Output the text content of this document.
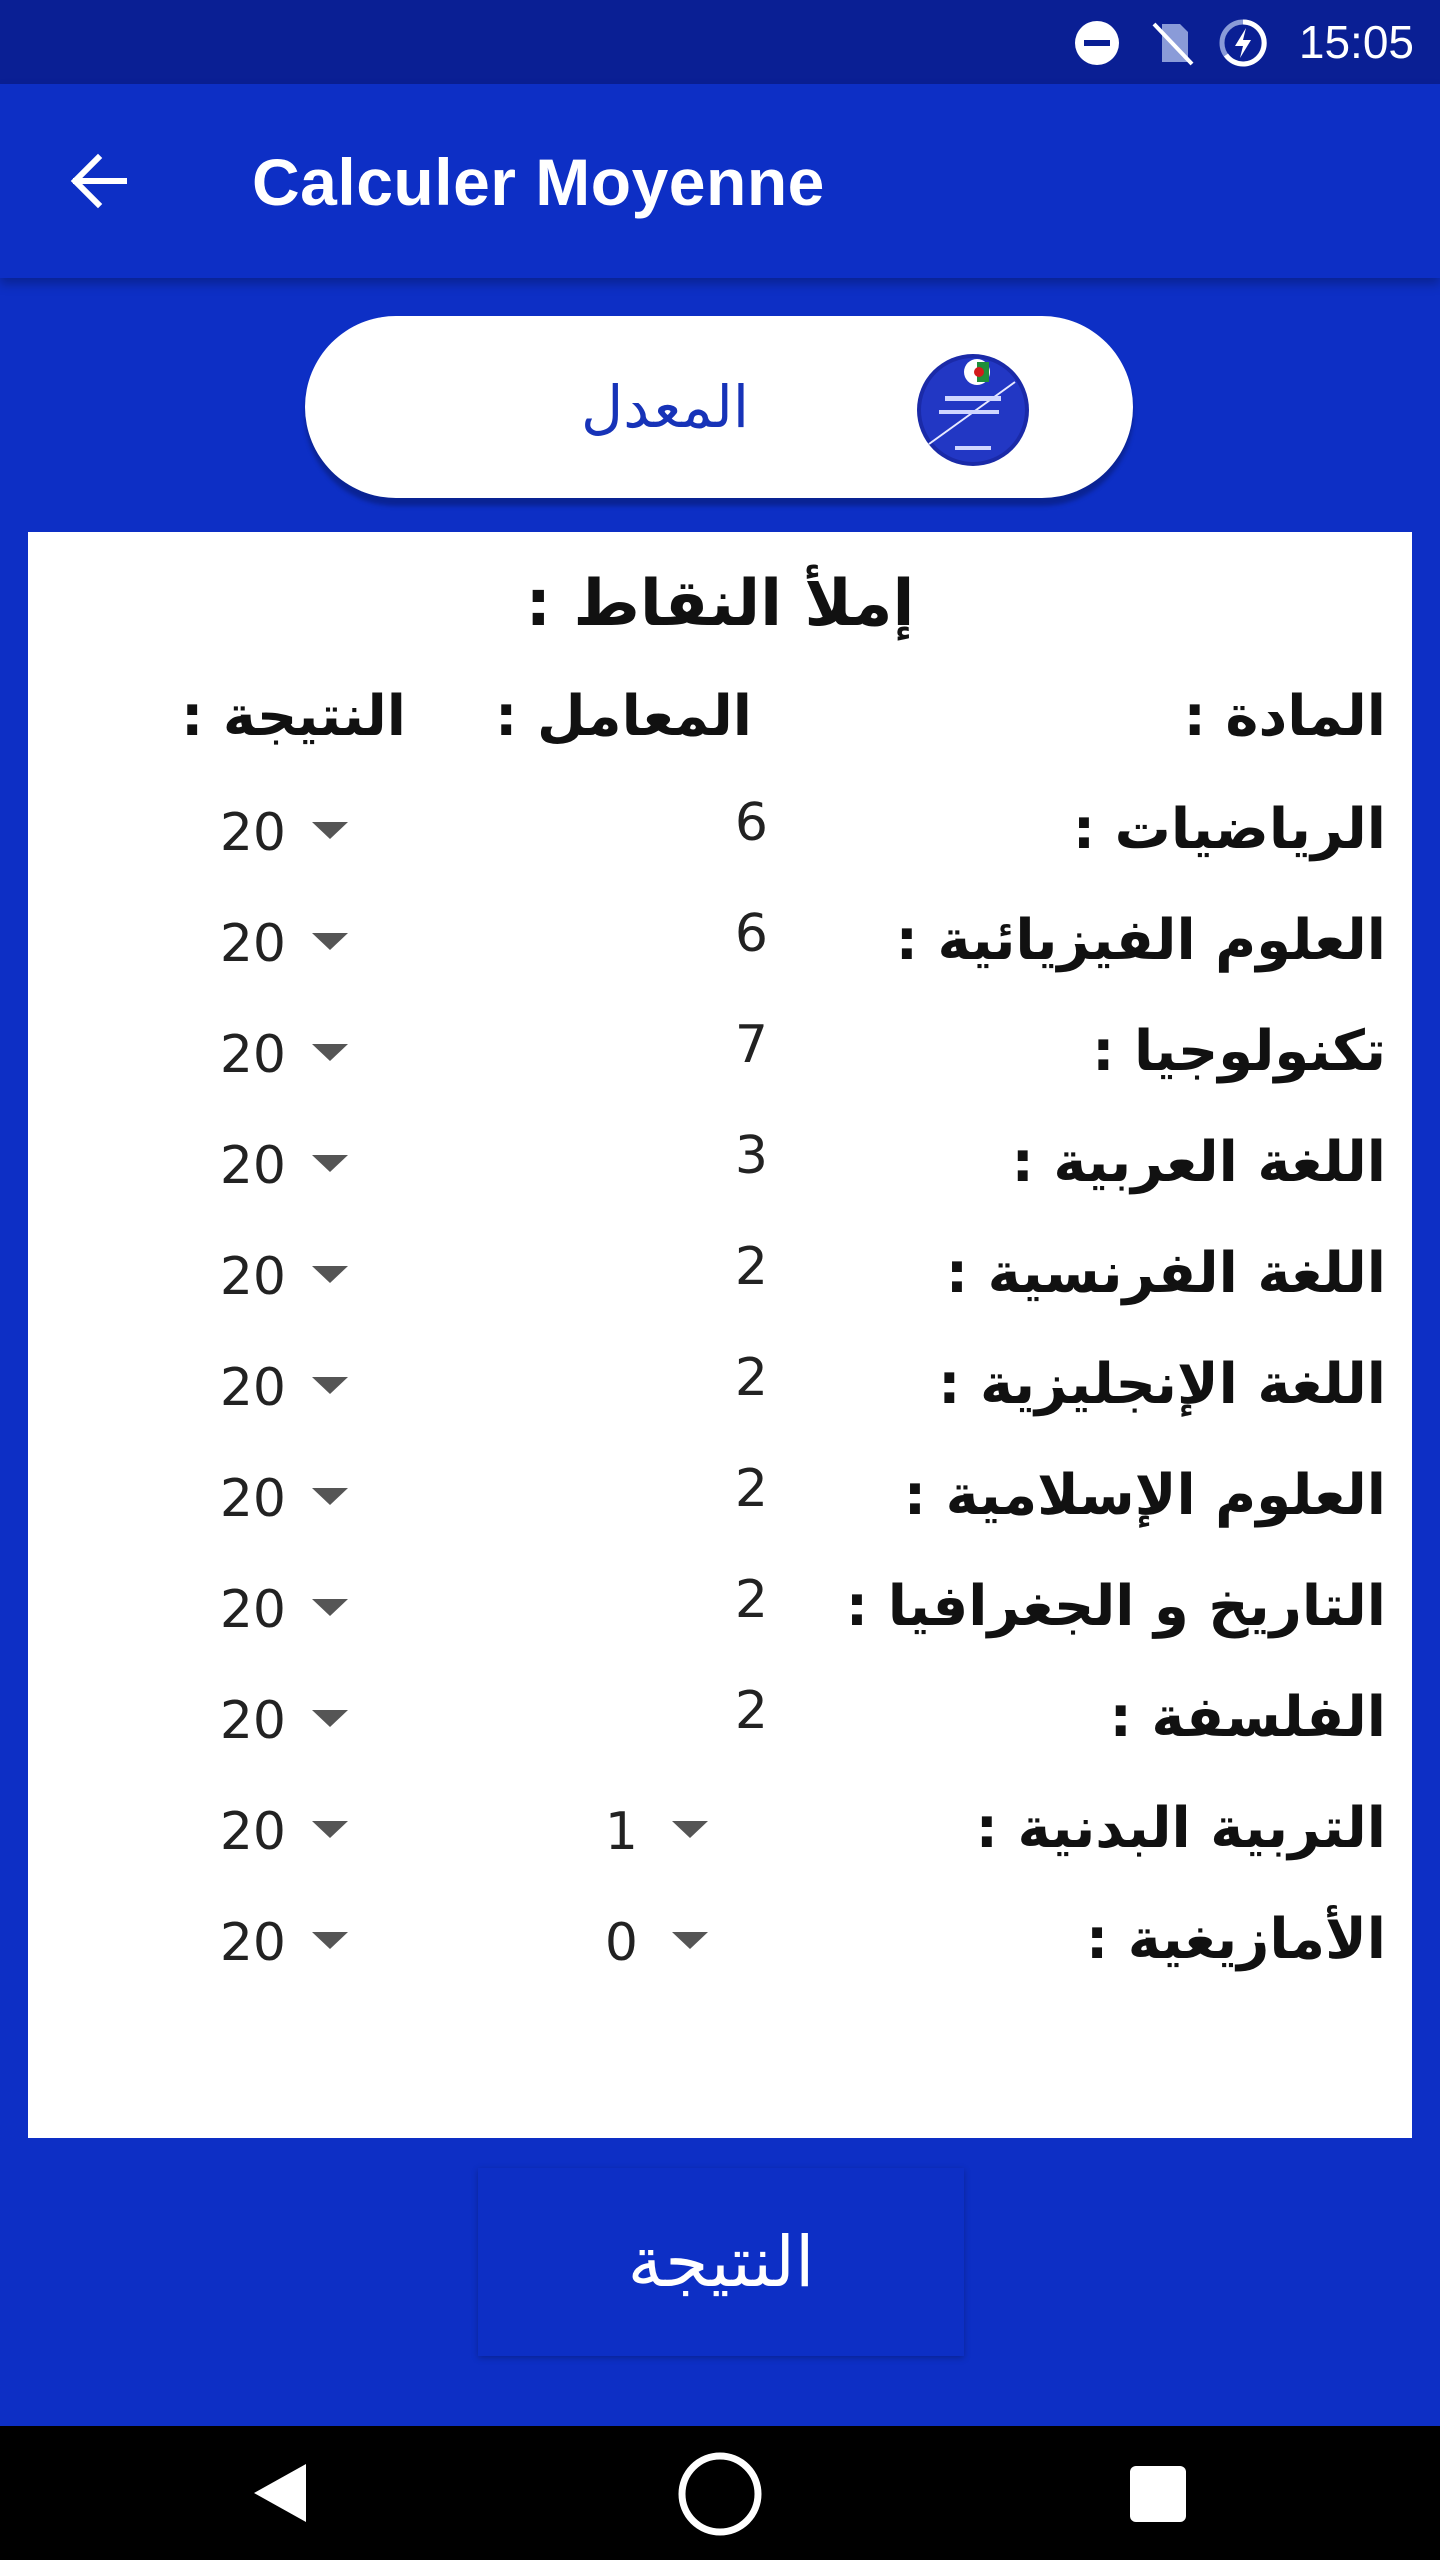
15:05
Calculer Moyenne
المعدل
إملأ النقاط :
المادة :
المعامل :
النتيجة :
الرياضيات :
6
20
العلوم الفيزيائية :
6
20
تكنولوجيا :
7
20
اللغة العربية :
3
20
اللغة الفرنسية :
2
20
اللغة الإنجليزية :
2
20
العلوم الإسلامية :
2
20
التاريخ و الجغرافيا :
2
20
الفلسفة :
2
20
التربية البدنية :
1
20
الأمازيغية :
0
20
النتيجة
